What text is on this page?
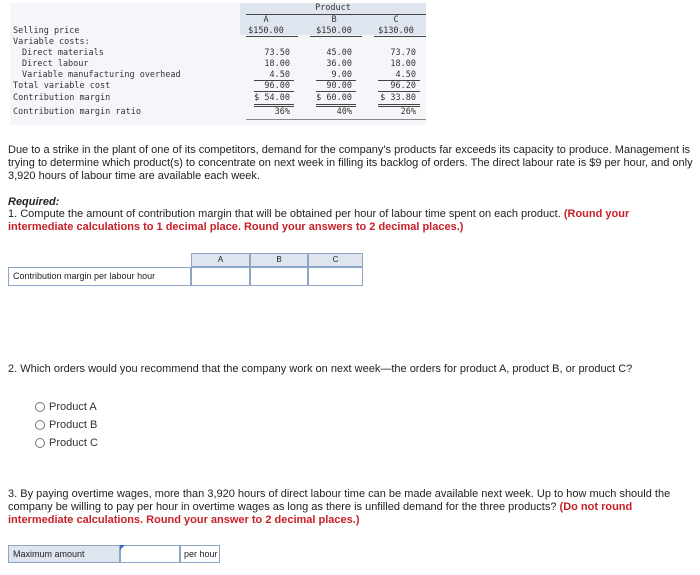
Product
A	B	C
Selling price	$150.00	$150.00	$130.00
Variable costs:
Direct materials	73.50	45.00	73.70
Direct labour	18.00	36.00	18.00
Variable manufacturing overhead	4.50	9.00	4.50
Total variable cost	96.00	90.00	96.20
Contribution margin	$ 54.00	$ 60.00	$ 33.80
Contribution margin ratio	36%	40%	26%
Due to a strike in the plant of one of its competitors, demand for the company's products far exceeds its capacity to produce. Management is trying to determine which product(s) to concentrate on next week in filling its backlog of orders. The direct labour rate is $9 per hour, and only 3,920 hours of labour time are available each week.
Required:
1. Compute the amount of contribution margin that will be obtained per hour of labour time spent on each product. (Round your intermediate calculations to 1 decimal place. Round your answers to 2 decimal places.)
A	B	C
Contribution margin per labour hour
2. Which orders would you recommend that the company work on next week—the orders for product A, product B, or product C?
Product A
Product B
Product C
3. By paying overtime wages, more than 3,920 hours of direct labour time can be made available next week. Up to how much should the company be willing to pay per hour in overtime wages as long as there is unfilled demand for the three products? (Do not round intermediate calculations. Round your answer to 2 decimal places.)
Maximum amount	per hour
